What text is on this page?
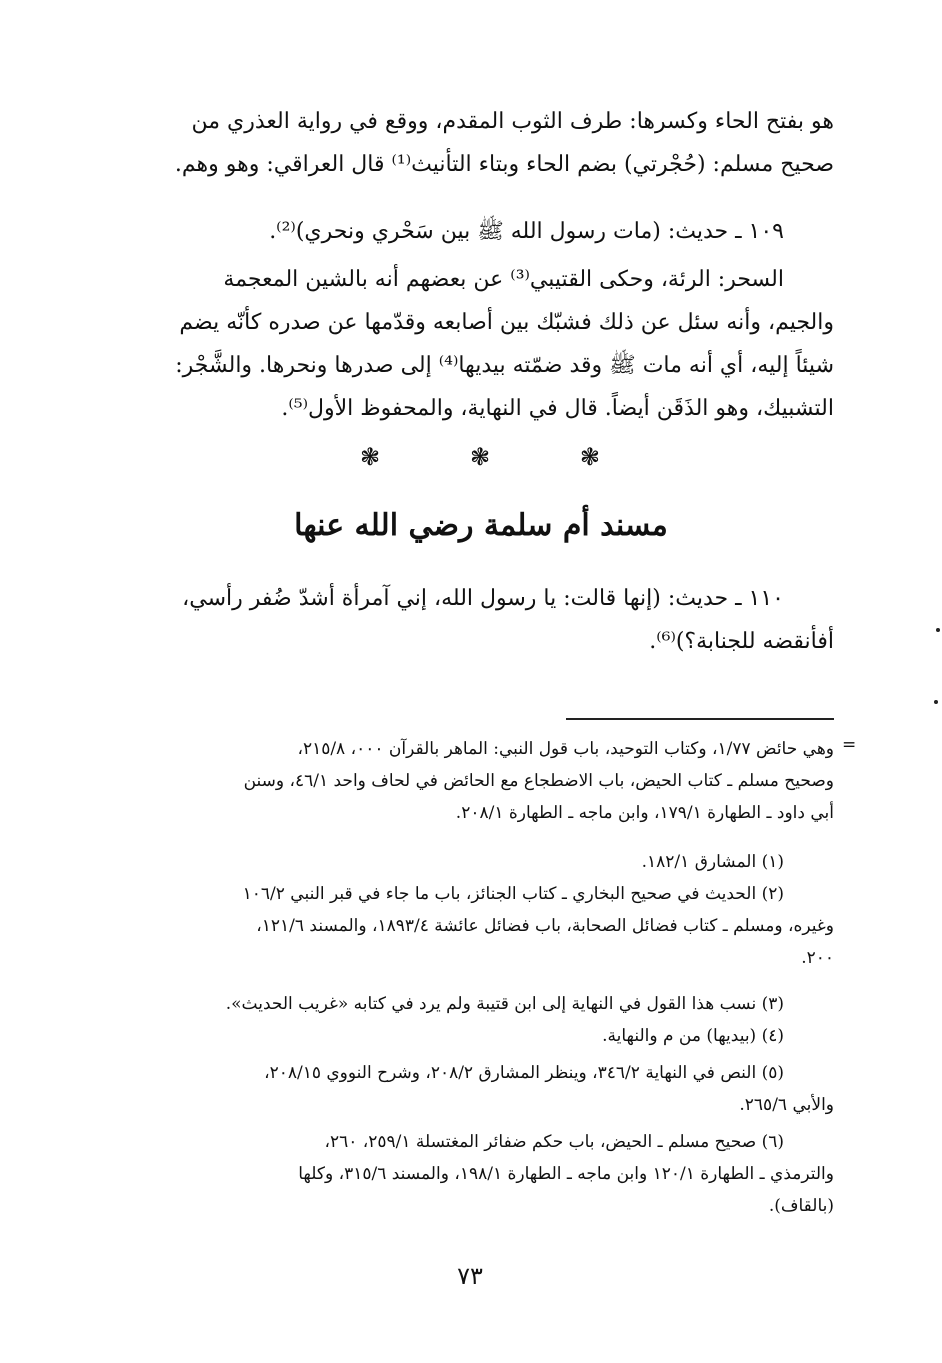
هو بفتح الحاء وكسرها: طرف الثوب المقدم، ووقع في رواية العذري من
صحيح مسلم: (حُجْرتي) بضم الحاء وبتاء التأنيث⁽¹⁾ قال العراقي: وهو وهم.
١٠٩ ـ حديث: (مات رسول الله ﷺ بين سَحْري ونحري)⁽²⁾.
السحر: الرئة، وحكى القتيبي⁽³⁾ عن بعضهم أنه بالشين المعجمة
والجيم، وأنه سئل عن ذلك فشبّك بين أصابعه وقدّمها عن صدره كأنّه يضم
شيئاً إليه، أي أنه مات ﷺ وقد ضمّته بيديها⁽⁴⁾ إلى صدرها ونحرها. والشَّجْر:
التشبيك، وهو الذَقَن أيضاً. قال في النهاية، والمحفوظ الأول⁽⁵⁾.
❃	❃	❃
مسند أم سلمة رضي الله عنها
١١٠ ـ حديث: (إنها قالت: يا رسول الله، إني آمرأة أشدّ ضُفر رأسي،
أفأنقضه للجنابة؟)⁽⁶⁾.
=
وهي حائض ١/٧٧، وكتاب التوحيد، باب قول النبي: الماهر بالقرآن ٠٠٠، ٢١٥/٨،
وصحيح مسلم ـ كتاب الحيض، باب الاضطجاع مع الحائض في لحاف واحد ٤٦/١، وسنن
أبي داود ـ الطهارة ١٧٩/١، وابن ماجه ـ الطهارة ٢٠٨/١.
(١) المشارق ١٨٢/١.
(٢) الحديث في صحيح البخاري ـ كتاب الجنائز، باب ما جاء في قبر النبي ١٠٦/٢
وغيره، ومسلم ـ كتاب فضائل الصحابة، باب فضائل عائشة ١٨٩٣/٤، والمسند ١٢١/٦،
٢٠٠.
(٣) نسب هذا القول في النهاية إلى ابن قتيبة ولم يرد في كتابه «غريب الحديث».
(٤) (بيديها) من م والنهاية.
(٥) النص في النهاية ٣٤٦/٢، وينظر المشارق ٢٠٨/٢، وشرح النووي ٢٠٨/١٥،
والأبي ٢٦٥/٦.
(٦) صحيح مسلم ـ الحيض، باب حكم ضفائر المغتسلة ٢٥٩/١، ٢٦٠،
والترمذي ـ الطهارة ١٢٠/١ وابن ماجه ـ الطهارة ١٩٨/١، والمسند ٣١٥/٦، وكلها
(بالقاف).
٧٣
